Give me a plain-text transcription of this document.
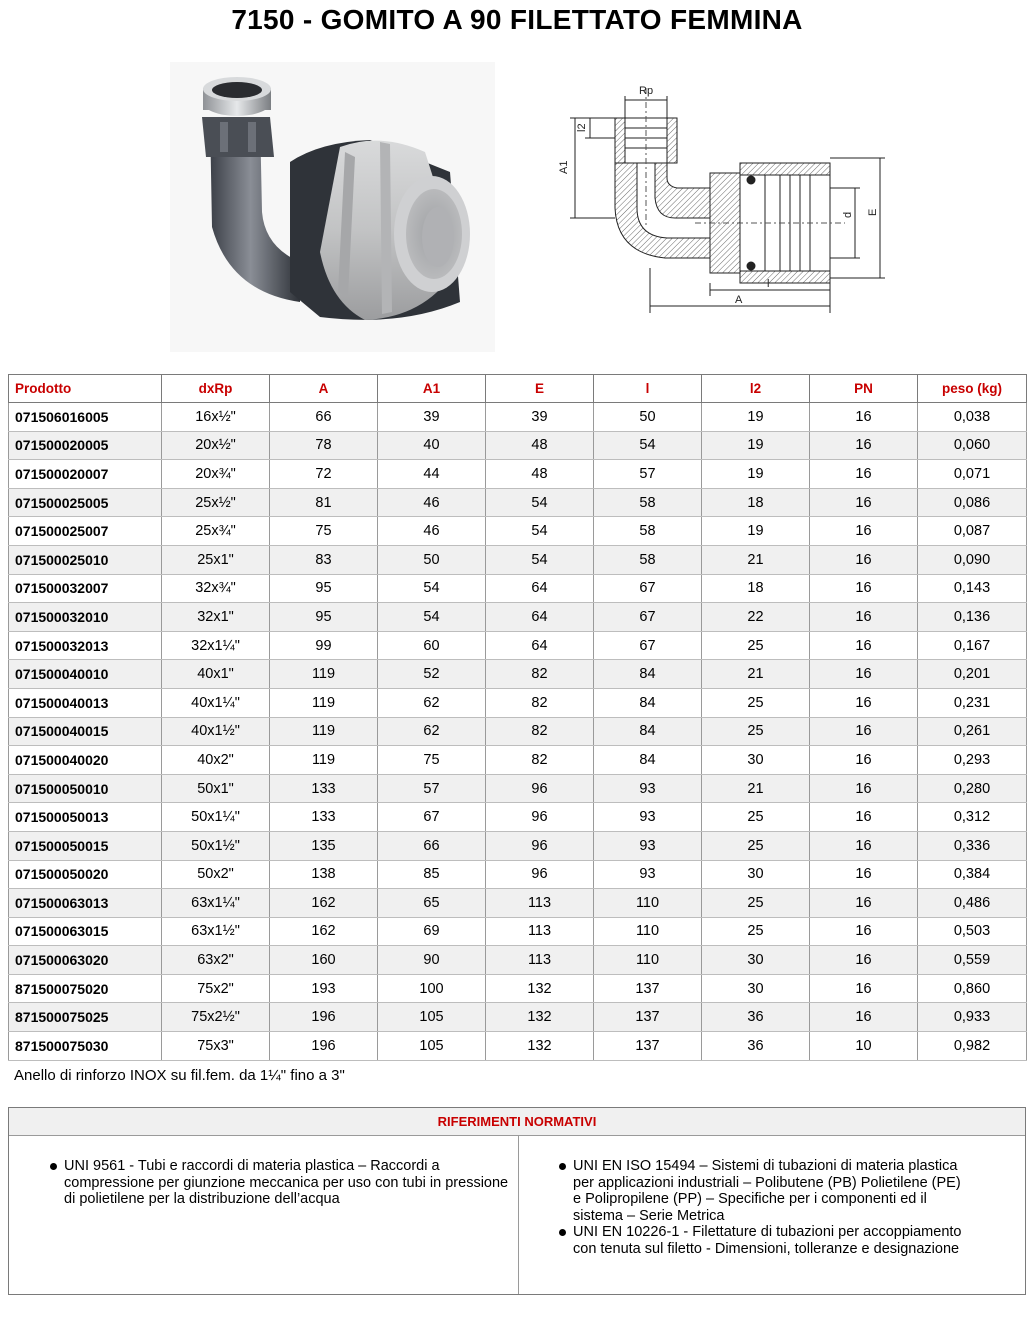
7150 - GOMITO A 90 FILETTATO FEMMINA
Rp
A1
l2
d E
l
A
Prodotto	dxRp	A	A1	E	l	l2	PN	peso (kg)
071506016005	16x½"	66	39	39	50	19	16	0,038
071500020005	20x½"	78	40	48	54	19	16	0,060
071500020007	20x¾"	72	44	48	57	19	16	0,071
071500025005	25x½"	81	46	54	58	18	16	0,086
071500025007	25x¾"	75	46	54	58	19	16	0,087
071500025010	25x1"	83	50	54	58	21	16	0,090
071500032007	32x¾"	95	54	64	67	18	16	0,143
071500032010	32x1"	95	54	64	67	22	16	0,136
071500032013	32x1¼"	99	60	64	67	25	16	0,167
071500040010	40x1"	119	52	82	84	21	16	0,201
071500040013	40x1¼"	119	62	82	84	25	16	0,231
071500040015	40x1½"	119	62	82	84	25	16	0,261
071500040020	40x2"	119	75	82	84	30	16	0,293
071500050010	50x1"	133	57	96	93	21	16	0,280
071500050013	50x1¼"	133	67	96	93	25	16	0,312
071500050015	50x1½"	135	66	96	93	25	16	0,336
071500050020	50x2"	138	85	96	93	30	16	0,384
071500063013	63x1¼"	162	65	113	110	25	16	0,486
071500063015	63x1½"	162	69	113	110	25	16	0,503
071500063020	63x2"	160	90	113	110	30	16	0,559
871500075020	75x2"	193	100	132	137	30	16	0,860
871500075025	75x2½"	196	105	132	137	36	16	0,933
871500075030	75x3"	196	105	132	137	36	10	0,982
Anello di rinforzo INOX su fil.fem. da 1¼" fino a 3"
RIFERIMENTI NORMATIVI
UNI 9561 - Tubi e raccordi di materia plastica – Raccordi a compressione per giunzione meccanica per uso con tubi in pressione di polietilene per la distribuzione dell’acqua
UNI EN ISO 15494 – Sistemi di tubazioni di materia plastica per applicazioni industriali – Polibutene (PB) Polietilene (PE) e Polipropilene (PP) – Specifiche per i componenti ed il sistema – Serie Metrica
UNI EN 10226-1 - Filettature di tubazioni per accoppiamento con tenuta sul filetto - Dimensioni, tolleranze e designazione
